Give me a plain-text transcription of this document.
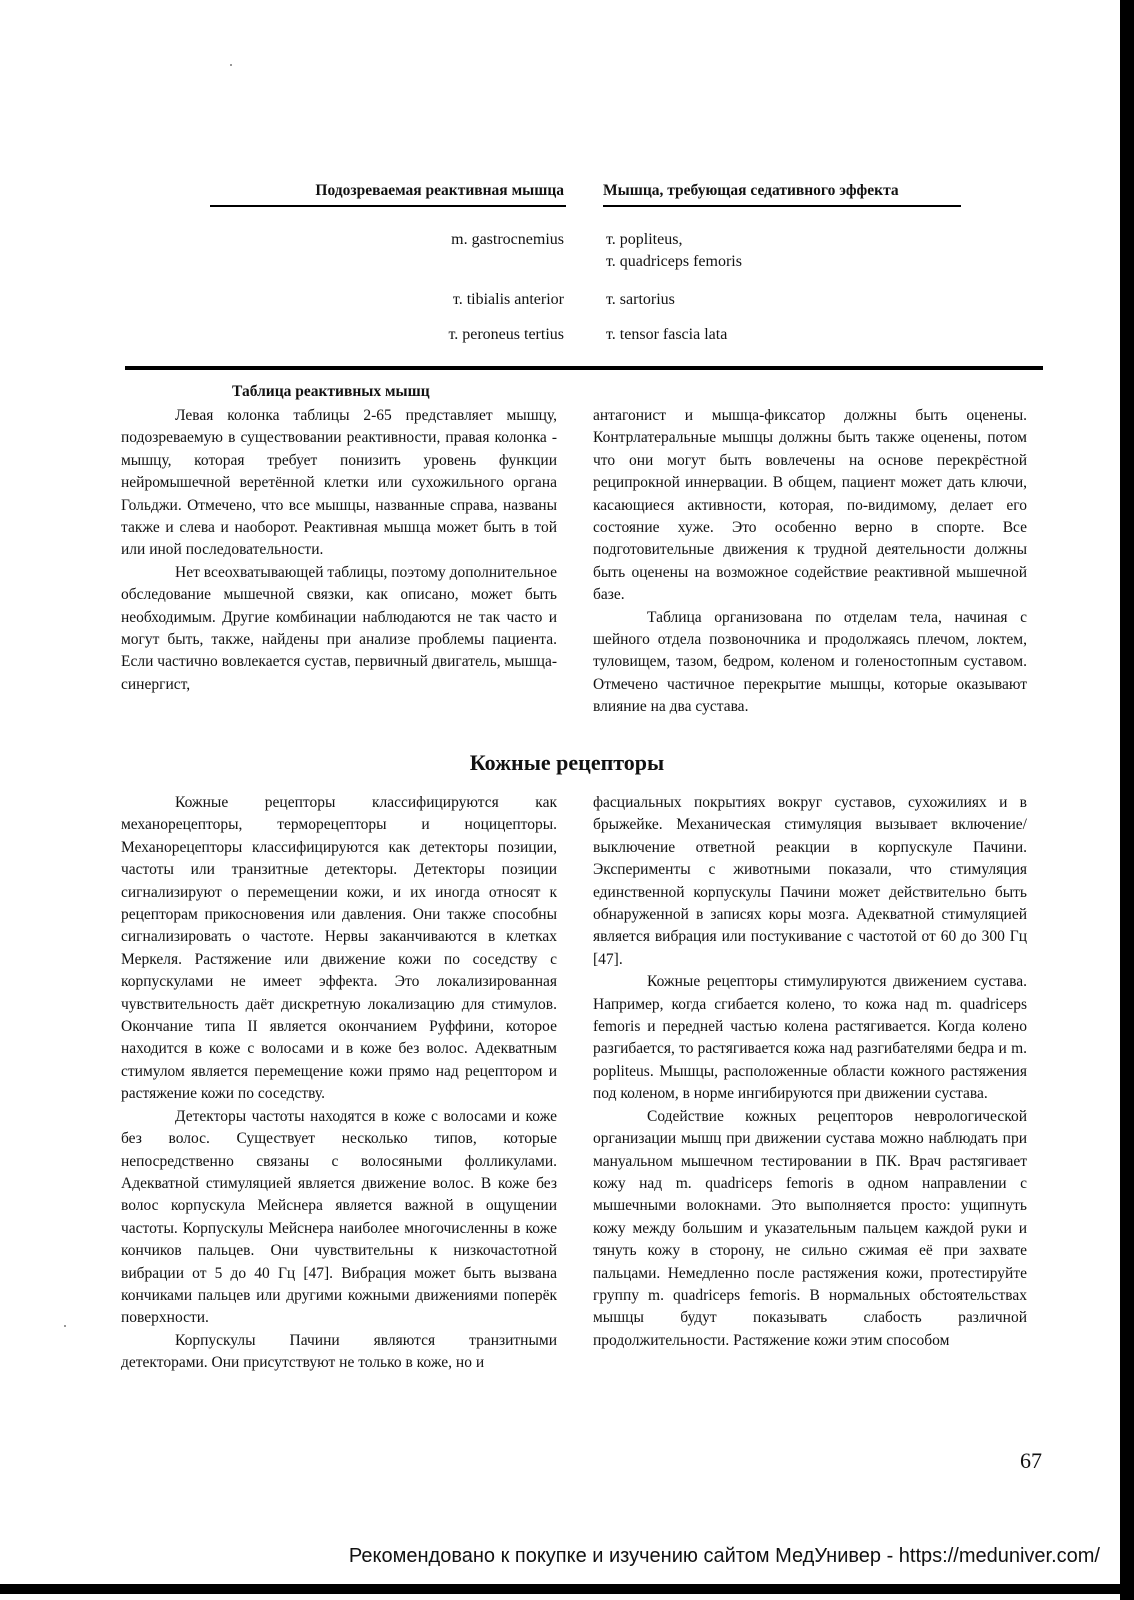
Подозреваемая реактивная мышца	Мышца, требующая седативного эффекта
m. gastrocnemius	т. popliteus,
т. quadriceps femoris
т. tibialis anterior	т. sartorius
т. peroneus tertius	т. tensor fascia lata
Таблица реактивных мышц

Левая колонка таблицы 2-65 представляет мышцу, подозреваемую в существовании реактивности, правая колонка - мышцу, которая требует понизить уровень функции нейромышечной веретённой клетки или сухожильного органа Гольджи. Отмечено, что все мышцы, названные справа, названы также и слева и наоборот. Реактивная мышца может быть в той или иной последовательности.

Нет всеохватывающей таблицы, поэтому дополнительное обследование мышечной связки, как описано, может быть необходимым. Другие комбинации наблюдаются не так часто и могут быть, также, найдены при анализе проблемы пациента. Если частично вовлекается сустав, первичный двигатель, мышца-синергист,

антагонист и мышца-фиксатор должны быть оценены. Контрлатеральные мышцы должны быть также оценены, потом что они могут быть вовлечены на основе перекрёстной реципрокной иннервации. В общем, пациент может дать ключи, касающиеся активности, которая, по-видимому, делает его состояние хуже. Это особенно верно в спорте. Все подготовительные движения к трудной деятельности должны быть оценены на возможное содействие реактивной мышечной базе.

Таблица организована по отделам тела, начиная с шейного отдела позвоночника и продолжаясь плечом, локтем, туловищем, тазом, бедром, коленом и голеностопным суставом. Отмечено частичное перекрытие мышцы, которые оказывают влияние на два сустава.

Кожные рецепторы

Кожные рецепторы классифицируются как механорецепторы, терморецепторы и ноцицепторы. Механорецепторы классифицируются как детекторы позиции, частоты или транзитные детекторы. Детекторы позиции сигнализируют о перемещении кожи, и их иногда относят к рецепторам прикосновения или давления. Они также способны сигнализировать о частоте. Нервы заканчиваются в клетках Меркеля. Растяжение или движение кожи по соседству с корпускулами не имеет эффекта. Это локализированная чувствительность даёт дискретную локализацию для стимулов. Окончание типа II является окончанием Руффини, которое находится в коже с волосами и в коже без волос. Адекватным стимулом является перемещение кожи прямо над рецептором и растяжение кожи по соседству.

Детекторы частоты находятся в коже с волосами и коже без волос. Существует несколько типов, которые непосредственно связаны с волосяными фолликулами. Адекватной стимуляцией является движение волос. В коже без волос корпускула Мейснера является важной в ощущении частоты. Корпускулы Мейснера наиболее многочисленны в коже кончиков пальцев. Они чувствительны к низкочастотной вибрации от 5 до 40 Гц [47]. Вибрация может быть вызвана кончиками пальцев или другими кожными движениями поперёк поверхности.

Корпускулы Пачини являются транзитными детекторами. Они присутствуют не только в коже, но и

фасциальных покрытиях вокруг суставов, сухожилиях и в брыжейке. Механическая стимуляция вызывает включение/выключение ответной реакции в корпускуле Пачини. Эксперименты с животными показали, что стимуляция единственной корпускулы Пачини может действительно быть обнаруженной в записях коры мозга. Адекватной стимуляцией является вибрация или постукивание с частотой от 60 до 300 Гц [47].

Кожные рецепторы стимулируются движением сустава. Например, когда сгибается колено, то кожа над m. quadriceps femoris и передней частью колена растягивается. Когда колено разгибается, то растягивается кожа над разгибателями бедра и m. popliteus. Мышцы, расположенные области кожного растяжения под коленом, в норме ингибируются при движении сустава.

Содействие кожных рецепторов неврологической организации мышц при движении сустава можно наблюдать при мануальном мышечном тестировании в ПК. Врач растягивает кожу над m. quadriceps femoris в одном направлении с мышечными волокнами. Это выполняется просто: ущипнуть кожу между большим и указательным пальцем каждой руки и тянуть кожу в сторону, не сильно сжимая её при захвате пальцами. Немедленно после растяжения кожи, протестируйте группу m. quadriceps femoris. В нормальных обстоятельствах мышцы будут показывать слабость различной продолжительности. Растяжение кожи этим способом

67
Рекомендовано к покупке и изучению сайтом МедУнивер - https://meduniver.com/
